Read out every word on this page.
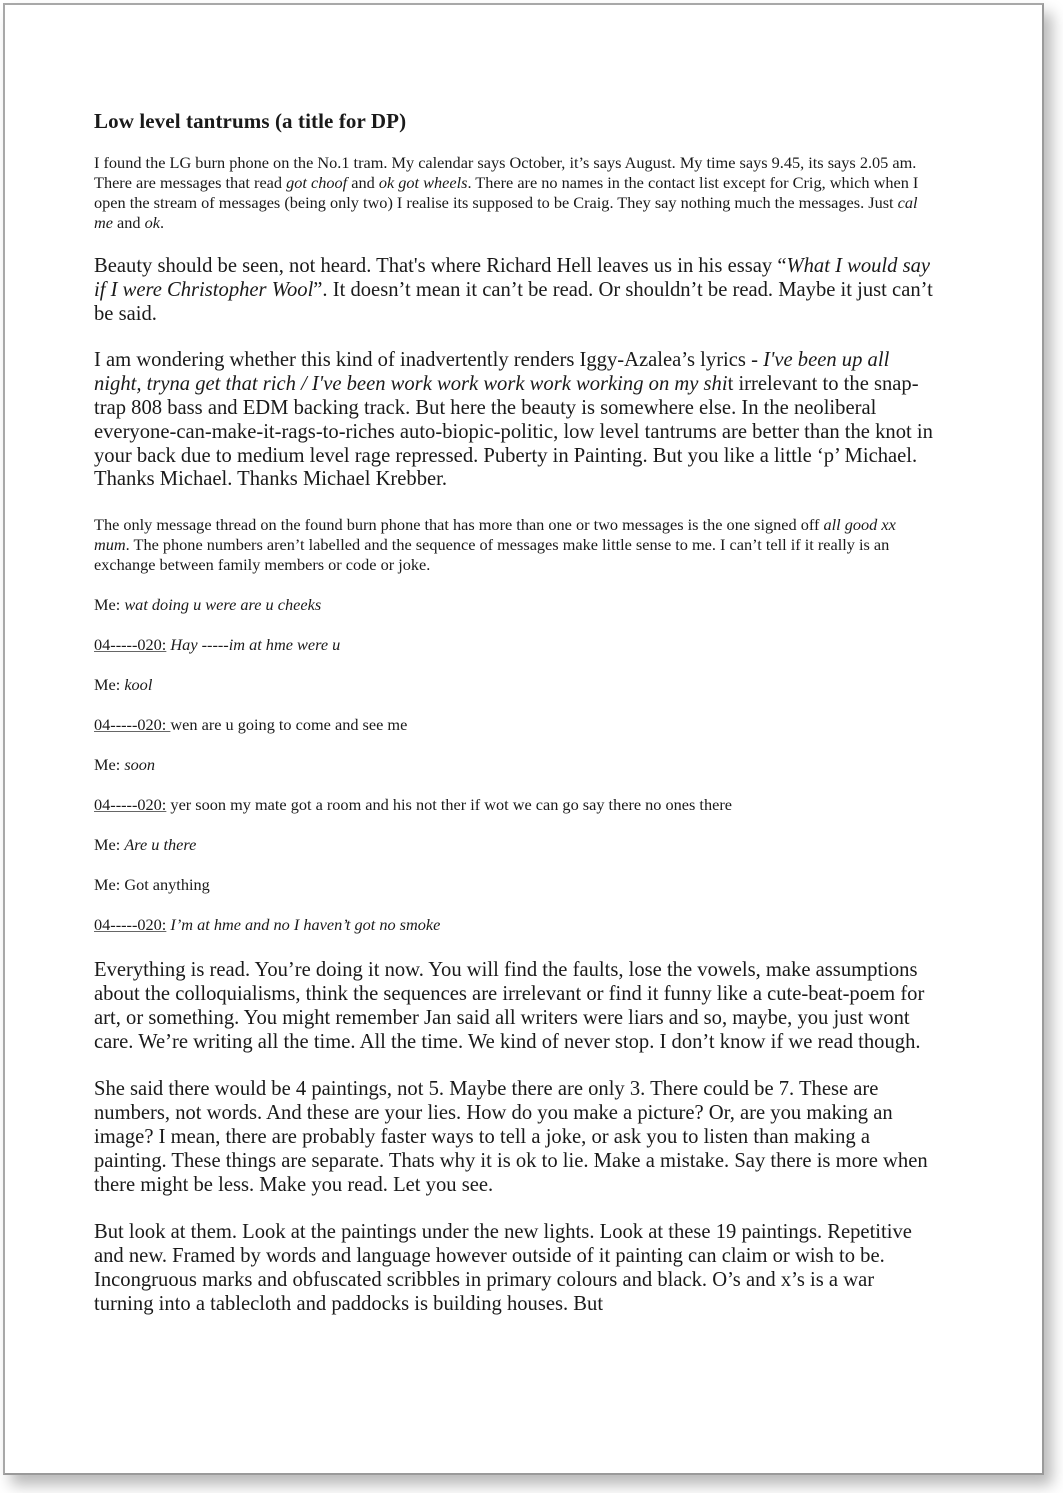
Low level tantrums (a title for DP)

I found the LG burn phone on the No.1 tram. My calendar says October, it’s says August. My time says 9.45, its says 2.05 am. There are messages that read got choof and ok got wheels. There are no names in the contact list except for Crig, which when I open the stream of messages (being only two) I realise its supposed to be Craig. They say nothing much the messages. Just cal me and ok.

Beauty should be seen, not heard. That's where Richard Hell leaves us in his essay “What I would say if I were Christopher Wool”. It doesn’t mean it can’t be read. Or shouldn’t be read. Maybe it just can’t be said.

I am wondering whether this kind of inadvertently renders Iggy-Azalea’s lyrics - I've been up all night, tryna get that rich / I've been work work work work working on my shit irrelevant to the snap-trap 808 bass and EDM backing track. But here the beauty is somewhere else. In the neoliberal everyone-can-make-it-rags-to-riches auto-biopic-politic, low level tantrums are better than the knot in your back due to medium level rage repressed. Puberty in Painting. But you like a little ‘p’ Michael. Thanks Michael. Thanks Michael Krebber.

The only message thread on the found burn phone that has more than one or two messages is the one signed off all good xx mum. The phone numbers aren’t labelled and the sequence of messages make little sense to me. I can’t tell if it really is an exchange between family members or code or joke.

Me: wat doing u were are u cheeks

04-----020: Hay -----im at hme were u

Me: kool

04-----020: wen are u going to come and see me

Me: soon

04-----020: yer soon my mate got a room and his not ther if wot we can go say there no ones there

Me: Are u there

Me: Got anything

04-----020: I’m at hme and no I haven’t got no smoke

Everything is read. You’re doing it now. You will find the faults, lose the vowels, make assumptions about the colloquialisms, think the sequences are irrelevant or find it funny like a cute-beat-poem for art, or something. You might remember Jan said all writers were liars and so, maybe, you just wont care. We’re writing all the time. All the time. We kind of never stop. I don’t know if we read though.

She said there would be 4 paintings, not 5. Maybe there are only 3. There could be 7. These are numbers, not words. And these are your lies. How do you make a picture? Or, are you making an image? I mean, there are probably faster ways to tell a joke, or ask you to listen than making a painting. These things are separate. Thats why it is ok to lie. Make a mistake. Say there is more when there might be less. Make you read. Let you see.

But look at them. Look at the paintings under the new lights. Look at these 19 paintings. Repetitive and new. Framed by words and language however outside of it painting can claim or wish to be. Incongruous marks and obfuscated scribbles in primary colours and black. O’s and x’s is a war turning into a tablecloth and paddocks is building houses. But
